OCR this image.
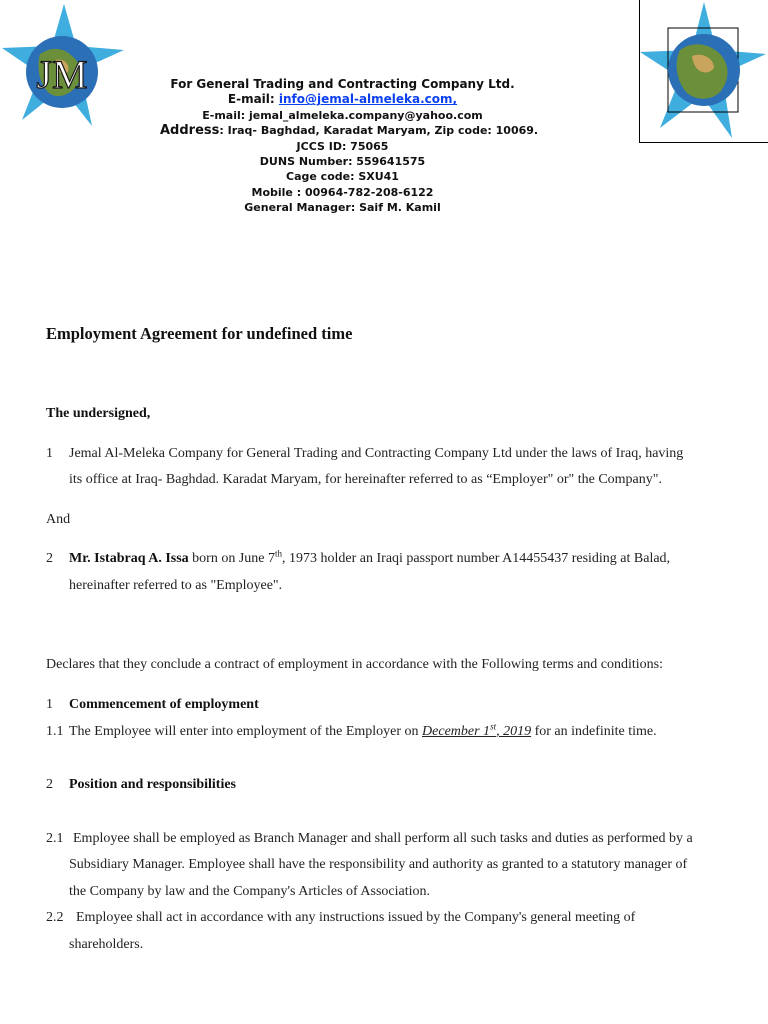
JM	For General Trading and Contracting Company Ltd.
E-mail: info@jemal-almeleka.com,
E-mail: jemal_almeleka.company@yahoo.com
Address: Iraq- Baghdad, Karadat Maryam, Zip code: 10069.
JCCS ID: 75065
DUNS Number: 559641575
Cage code: SXU41
Mobile : 00964-782-208-6122
General Manager: Saif M. Kamil
Employment Agreement for undefined time
The undersigned,
1 Jemal Al-Meleka Company for General Trading and Contracting Company Ltd under the laws of Iraq, having
its office at Iraq- Baghdad. Karadat Maryam, for hereinafter referred to as “Employer" or" the Company".
And
2 Mr. Istabraq A. Issa born on June 7th, 1973 holder an Iraqi passport number A14455437 residing at Balad,
hereinafter referred to as "Employee".
Declares that they conclude a contract of employment in accordance with the Following terms and conditions:
1 Commencement of employment
1.1 The Employee will enter into employment of the Employer on December 1st, 2019 for an indefinite time.
2 Position and responsibilities
2.1 Employee shall be employed as Branch Manager and shall perform all such tasks and duties as performed by a
Subsidiary Manager. Employee shall have the responsibility and authority as granted to a statutory manager of
the Company by law and the Company's Articles of Association.
2.2 Employee shall act in accordance with any instructions issued by the Company's general meeting of
shareholders.
